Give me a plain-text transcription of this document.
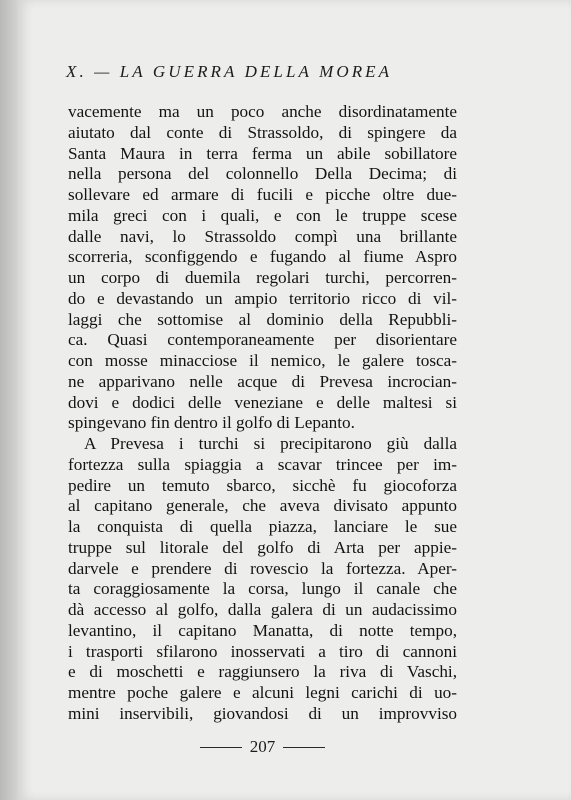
X. — LA GUERRA DELLA MOREA
vacemente ma un poco anche disordinatamente
aiutato dal conte di Strassoldo, di spingere da
Santa Maura in terra ferma un abile sobillatore
nella persona del colonnello Della Decima; di
sollevare ed armare di fucili e picche oltre due-
mila greci con i quali, e con le truppe scese
dalle navi, lo Strassoldo compì una brillante
scorreria, sconfiggendo e fugando al fiume Aspro
un corpo di duemila regolari turchi, percorren-
do e devastando un ampio territorio ricco di vil-
laggi che sottomise al dominio della Repubbli-
ca. Quasi contemporaneamente per disorientare
con mosse minacciose il nemico, le galere tosca-
ne apparivano nelle acque di Prevesa incrocian-
dovi e dodici delle veneziane e delle maltesi si
spingevano fin dentro il golfo di Lepanto.
A Prevesa i turchi si precipitarono giù dalla
fortezza sulla spiaggia a scavar trincee per im-
pedire un temuto sbarco, sicchè fu giocoforza
al capitano generale, che aveva divisato appunto
la conquista di quella piazza, lanciare le sue
truppe sul litorale del golfo di Arta per appie-
darvele e prendere di rovescio la fortezza. Aper-
ta coraggiosamente la corsa, lungo il canale che
dà accesso al golfo, dalla galera di un audacissimo
levantino, il capitano Manatta, di notte tempo,
i trasporti sfilarono inosservati a tiro di cannoni
e di moschetti e raggiunsero la riva di Vaschi,
mentre poche galere e alcuni legni carichi di uo-
mini inservibili, giovandosi di un improvviso
207
